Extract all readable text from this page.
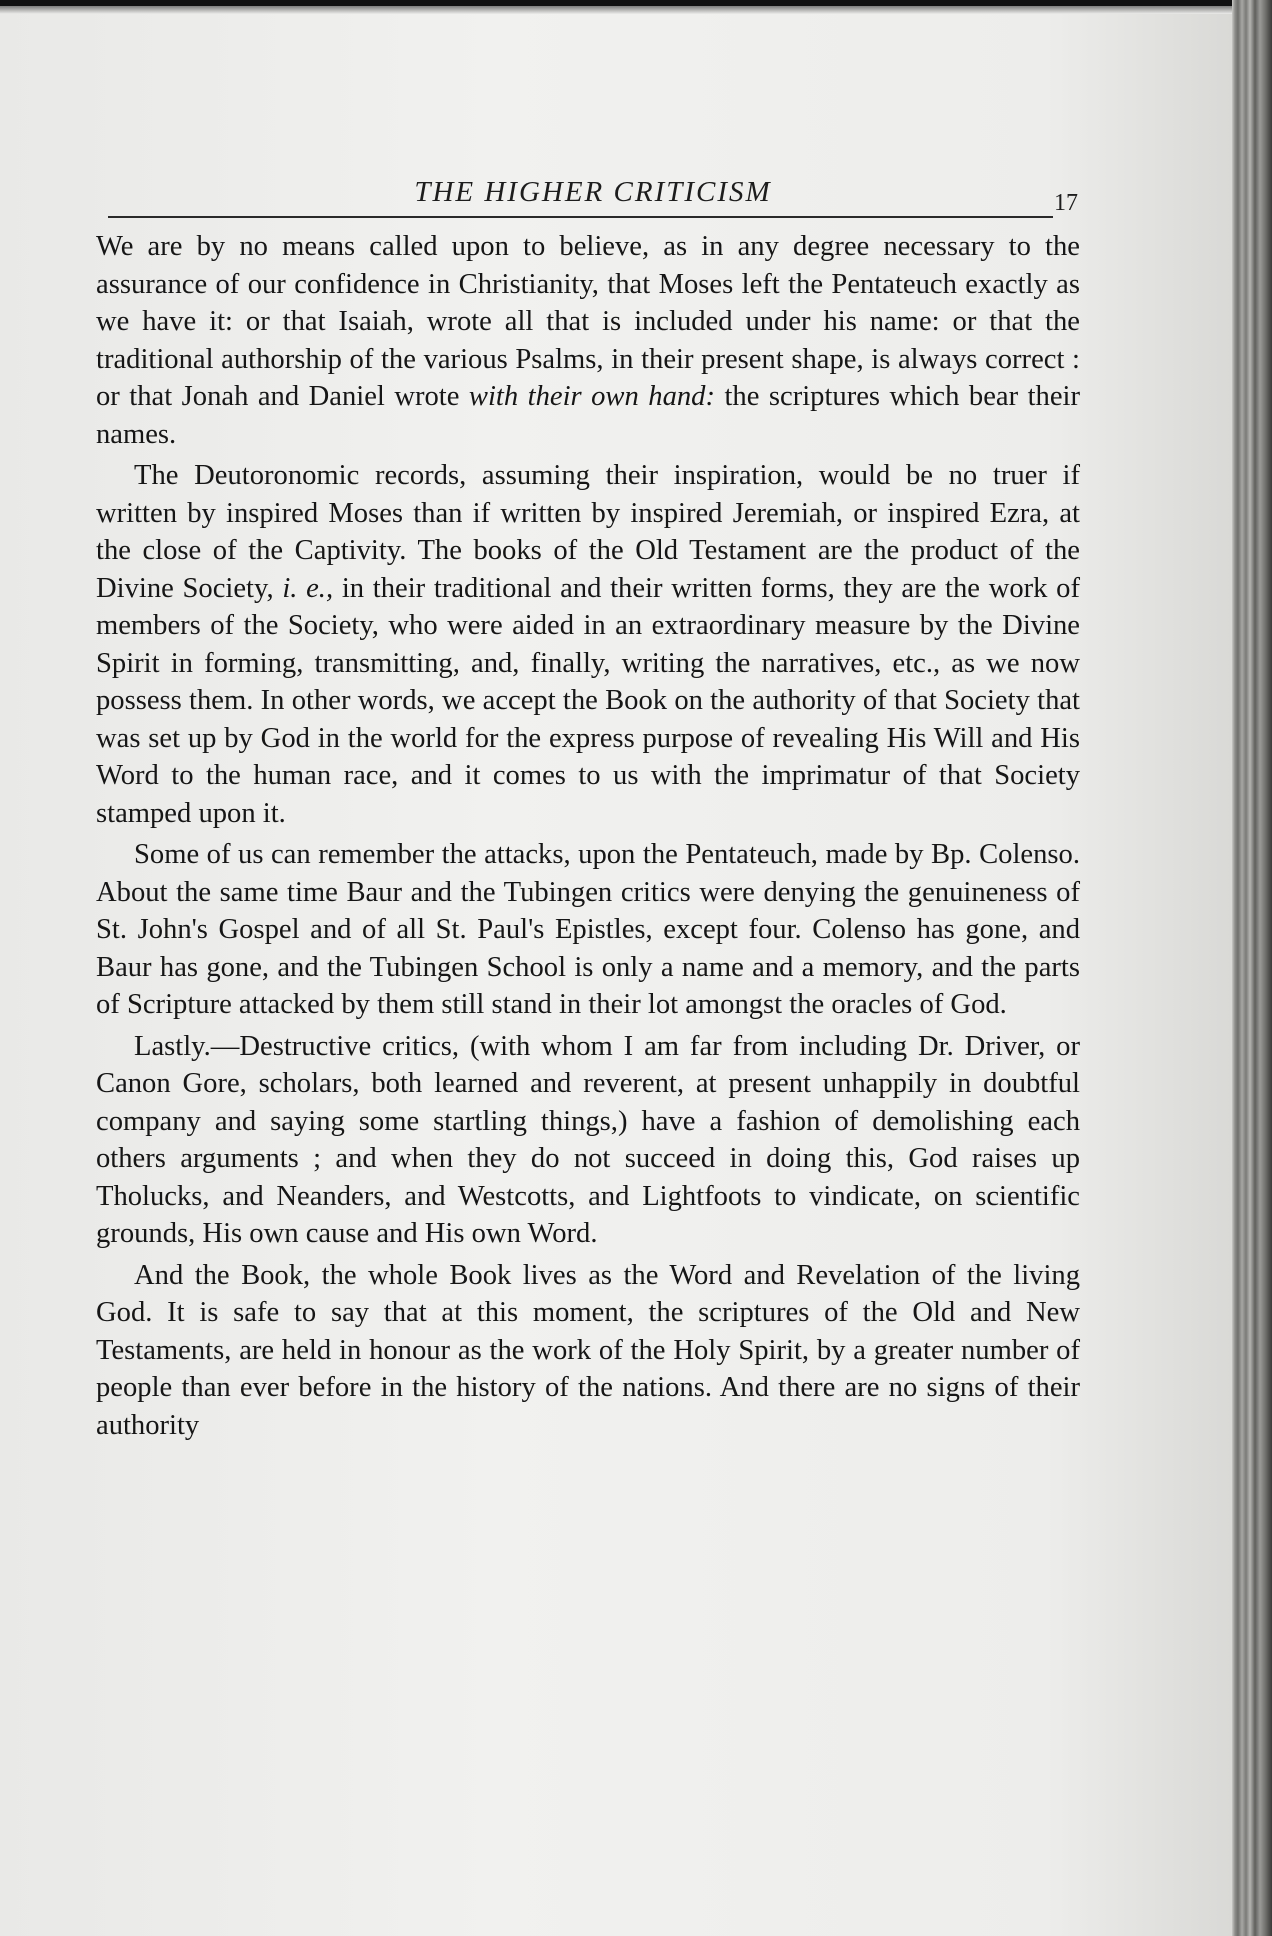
THE HIGHER CRITICISM	17

We are by no means called upon to believe, as in any degree necessary to the assurance of our confidence in Christianity, that Moses left the Pentateuch exactly as we have it: or that Isaiah, wrote all that is included under his name: or that the traditional authorship of the various Psalms, in their present shape, is always correct : or that Jonah and Daniel wrote with their own hand: the scriptures which bear their names.

The Deutoronomic records, assuming their inspiration, would be no truer if written by inspired Moses than if written by inspired Jeremiah, or inspired Ezra, at the close of the Captivity. The books of the Old Testament are the product of the Divine Society, i. e., in their traditional and their written forms, they are the work of members of the Society, who were aided in an extraordinary measure by the Divine Spirit in forming, transmitting, and, finally, writing the narratives, etc., as we now possess them. In other words, we accept the Book on the authority of that Society that was set up by God in the world for the express purpose of revealing His Will and His Word to the human race, and it comes to us with the imprimatur of that Society stamped upon it.

Some of us can remember the attacks, upon the Pentateuch, made by Bp. Colenso. About the same time Baur and the Tubingen critics were denying the genuineness of St. John's Gospel and of all St. Paul's Epistles, except four. Colenso has gone, and Baur has gone, and the Tubingen School is only a name and a memory, and the parts of Scripture attacked by them still stand in their lot amongst the oracles of God.

Lastly.—Destructive critics, (with whom I am far from including Dr. Driver, or Canon Gore, scholars, both learned and reverent, at present unhappily in doubtful company and saying some startling things,) have a fashion of demolishing each others arguments ; and when they do not succeed in doing this, God raises up Tholucks, and Neanders, and Westcotts, and Lightfoots to vindicate, on scientific grounds, His own cause and His own Word.

And the Book, the whole Book lives as the Word and Revelation of the living God. It is safe to say that at this moment, the scriptures of the Old and New Testaments, are held in honour as the work of the Holy Spirit, by a greater number of people than ever before in the history of the nations. And there are no signs of their authority
